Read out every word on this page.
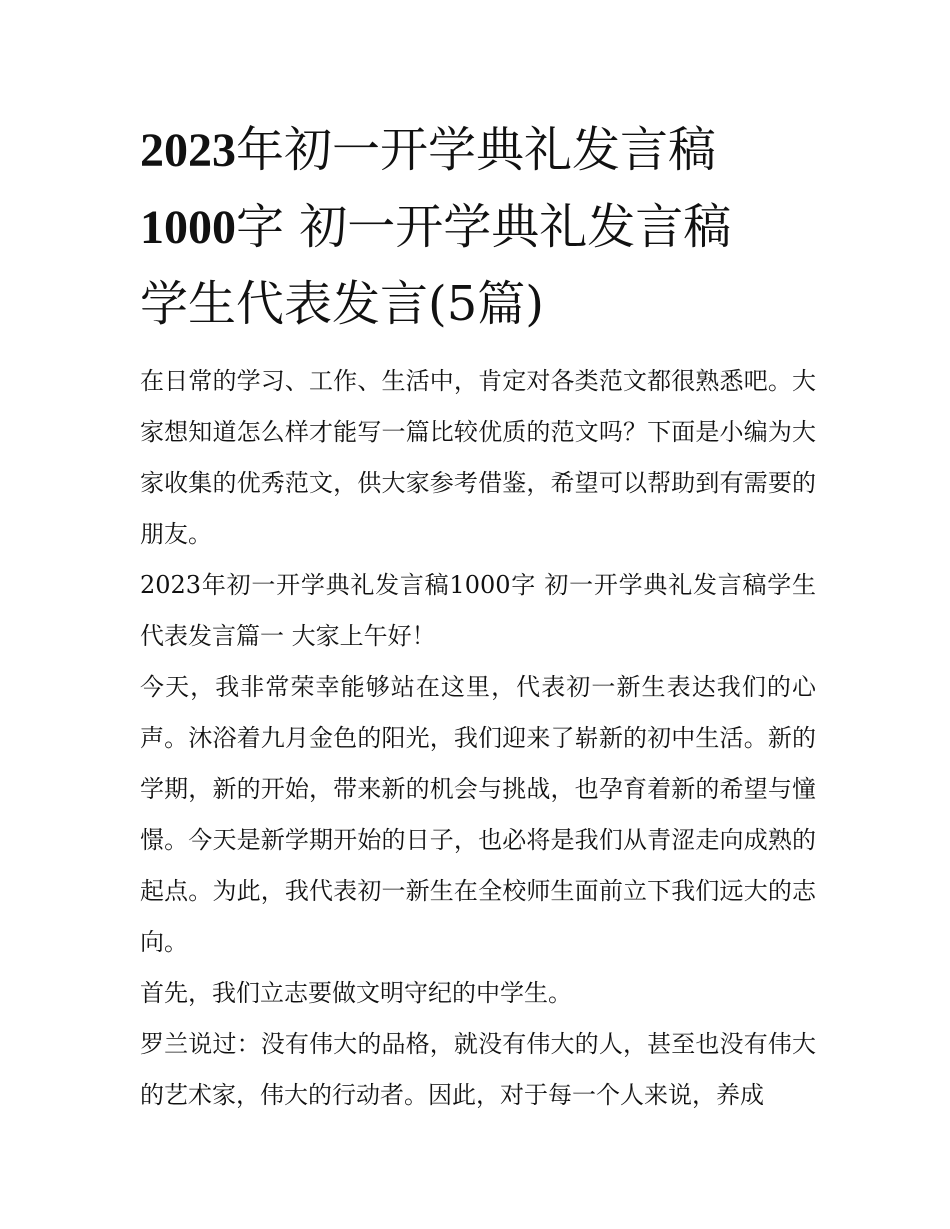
2023年初一开学典礼发言稿
1000字 初一开学典礼发言稿
学生代表发言(5篇)

在日常的学习、工作、生活中，肯定对各类范文都很熟悉吧。大家想知道怎么样才能写一篇比较优质的范文吗？下面是小编为大家收集的优秀范文，供大家参考借鉴，希望可以帮助到有需要的朋友。

2023年初一开学典礼发言稿1000字 初一开学典礼发言稿学生代表发言篇一 大家上午好！

今天，我非常荣幸能够站在这里，代表初一新生表达我们的心声。沐浴着九月金色的阳光，我们迎来了崭新的初中生活。新的学期，新的开始，带来新的机会与挑战，也孕育着新的希望与憧憬。今天是新学期开始的日子，也必将是我们从青涩走向成熟的起点。为此，我代表初一新生在全校师生面前立下我们远大的志向。

首先，我们立志要做文明守纪的中学生。

罗兰说过：没有伟大的品格，就没有伟大的人，甚至也没有伟大的艺术家，伟大的行动者。因此，对于每一个人来说，养成
